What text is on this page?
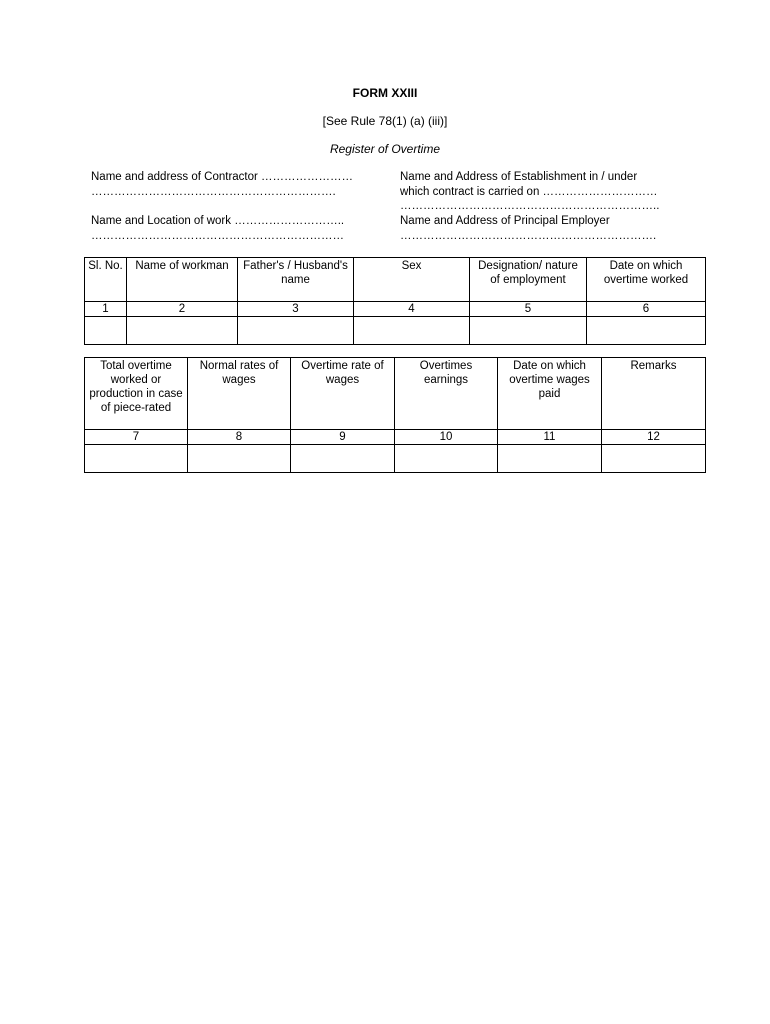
FORM XXIII
[See Rule 78(1) (a) (iii)]
Register of Overtime
Name and address of Contractor ……………………
……………………………………………………….
Name and Location of work ………………………..
…………………………………………………………
Name and Address of Establishment in / under
which contract is carried on …………………………
…………………………………………………………..
Name and Address of Principal Employer
………………………………………………………….
Sl. No.	Name of workman	Father's / Husband's name	Sex	Designation/ nature of employment	Date on which overtime worked
1	2	3	4	5	6

Total overtime worked or production in case of piece-rated	Normal rates of wages	Overtime rate of wages	Overtimes earnings	Date on which overtime wages paid	Remarks
7	8	9	10	11	12
